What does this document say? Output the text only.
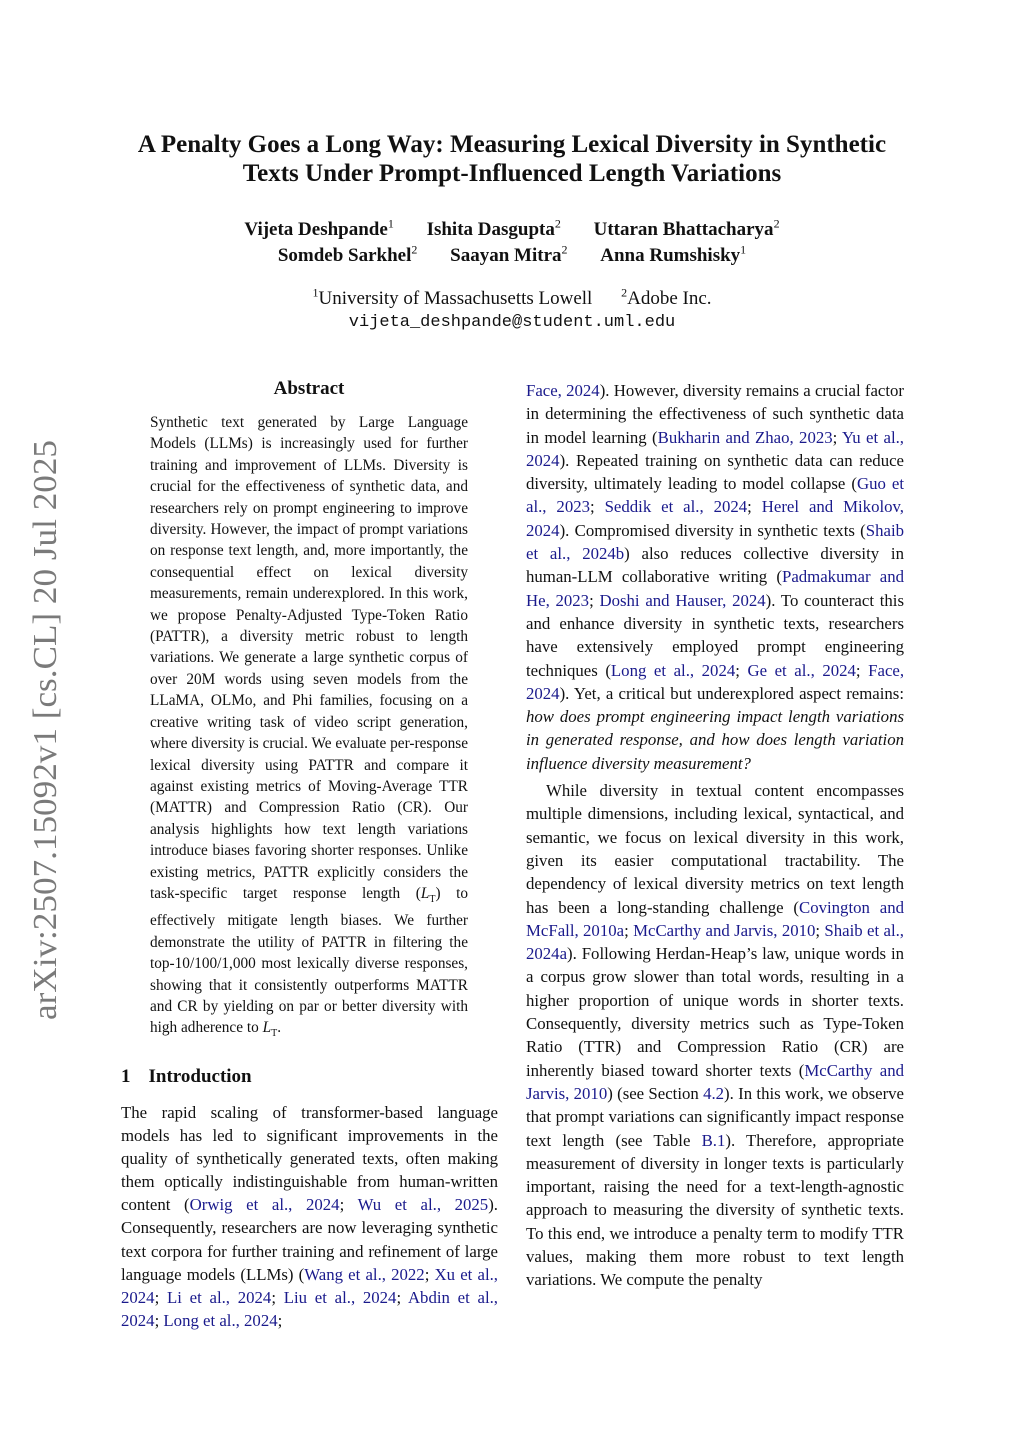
arXiv:2507.15092v1 [cs.CL] 20 Jul 2025
A Penalty Goes a Long Way: Measuring Lexical Diversity in Synthetic
Texts Under Prompt-Influenced Length Variations
Vijeta Deshpande$^1$ Ishita Dasgupta$^2$ Uttaran Bhattacharya$^2$
Somdeb Sarkhel$^2$ Saayan Mitra$^2$ Anna Rumshisky$^1$
$^1$University of Massachusetts Lowell $^2$Adobe Inc.
vijeta_deshpande@student.uml.edu
Abstract

Synthetic text generated by Large Language Models (LLMs) is increasingly used for further training and improvement of LLMs. Diversity is crucial for the effectiveness of synthetic data, and researchers rely on prompt engineering to improve diversity. However, the impact of prompt variations on response text length, and, more importantly, the consequential effect on lexical diversity measurements, remain underexplored. In this work, we propose Penalty-Adjusted Type-Token Ratio (PATTR), a diversity metric robust to length variations. We generate a large synthetic corpus of over 20M words using seven models from the LLaMA, OLMo, and Phi families, focusing on a creative writing task of video script generation, where diversity is crucial. We evaluate per-response lexical diversity using PATTR and compare it against existing metrics of Moving-Average TTR (MATTR) and Compression Ratio (CR). Our analysis highlights how text length variations introduce biases favoring shorter responses. Unlike existing metrics, PATTR explicitly considers the task-specific target response length $(L_T)$ to effectively mitigate length biases. We further demonstrate the utility of PATTR in filtering the top-10/100/1,000 most lexically diverse responses, showing that it consistently outperforms MATTR and CR by yielding on par or better diversity with high adherence to $L_T$.

1 Introduction
The rapid scaling of transformer-based language models has led to significant improvements in the quality of synthetically generated texts, often making them optically indistinguishable from human-written content (Orwig et al., 2024; Wu et al., 2025). Consequently, researchers are now leveraging synthetic text corpora for further training and refinement of large language models (LLMs) (Wang et al., 2022; Xu et al., 2024; Li et al., 2024; Liu et al., 2024; Abdin et al., 2024; Long et al., 2024;

Face, 2024). However, diversity remains a crucial factor in determining the effectiveness of such synthetic data in model learning (Bukharin and Zhao, 2023; Yu et al., 2024). Repeated training on synthetic data can reduce diversity, ultimately leading to model collapse (Guo et al., 2023; Seddik et al., 2024; Herel and Mikolov, 2024). Compromised diversity in synthetic texts (Shaib et al., 2024b) also reduces collective diversity in human-LLM collaborative writing (Padmakumar and He, 2023; Doshi and Hauser, 2024). To counteract this and enhance diversity in synthetic texts, researchers have extensively employed prompt engineering techniques (Long et al., 2024; Ge et al., 2024; Face, 2024). Yet, a critical but underexplored aspect remains: how does prompt engineering impact length variations in generated response, and how does length variation influence diversity measurement?

While diversity in textual content encompasses multiple dimensions, including lexical, syntactical, and semantic, we focus on lexical diversity in this work, given its easier computational tractability. The dependency of lexical diversity metrics on text length has been a long-standing challenge (Covington and McFall, 2010a; McCarthy and Jarvis, 2010; Shaib et al., 2024a). Following Herdan-Heap’s law, unique words in a corpus grow slower than total words, resulting in a higher proportion of unique words in shorter texts. Consequently, diversity metrics such as Type-Token Ratio (TTR) and Compression Ratio (CR) are inherently biased toward shorter texts (McCarthy and Jarvis, 2010) (see Section 4.2). In this work, we observe that prompt variations can significantly impact response text length (see Table B.1). Therefore, appropriate measurement of diversity in longer texts is particularly important, raising the need for a text-length-agnostic approach to measuring the diversity of synthetic texts. To this end, we introduce a penalty term to modify TTR values, making them more robust to text length variations. We compute the penalty
